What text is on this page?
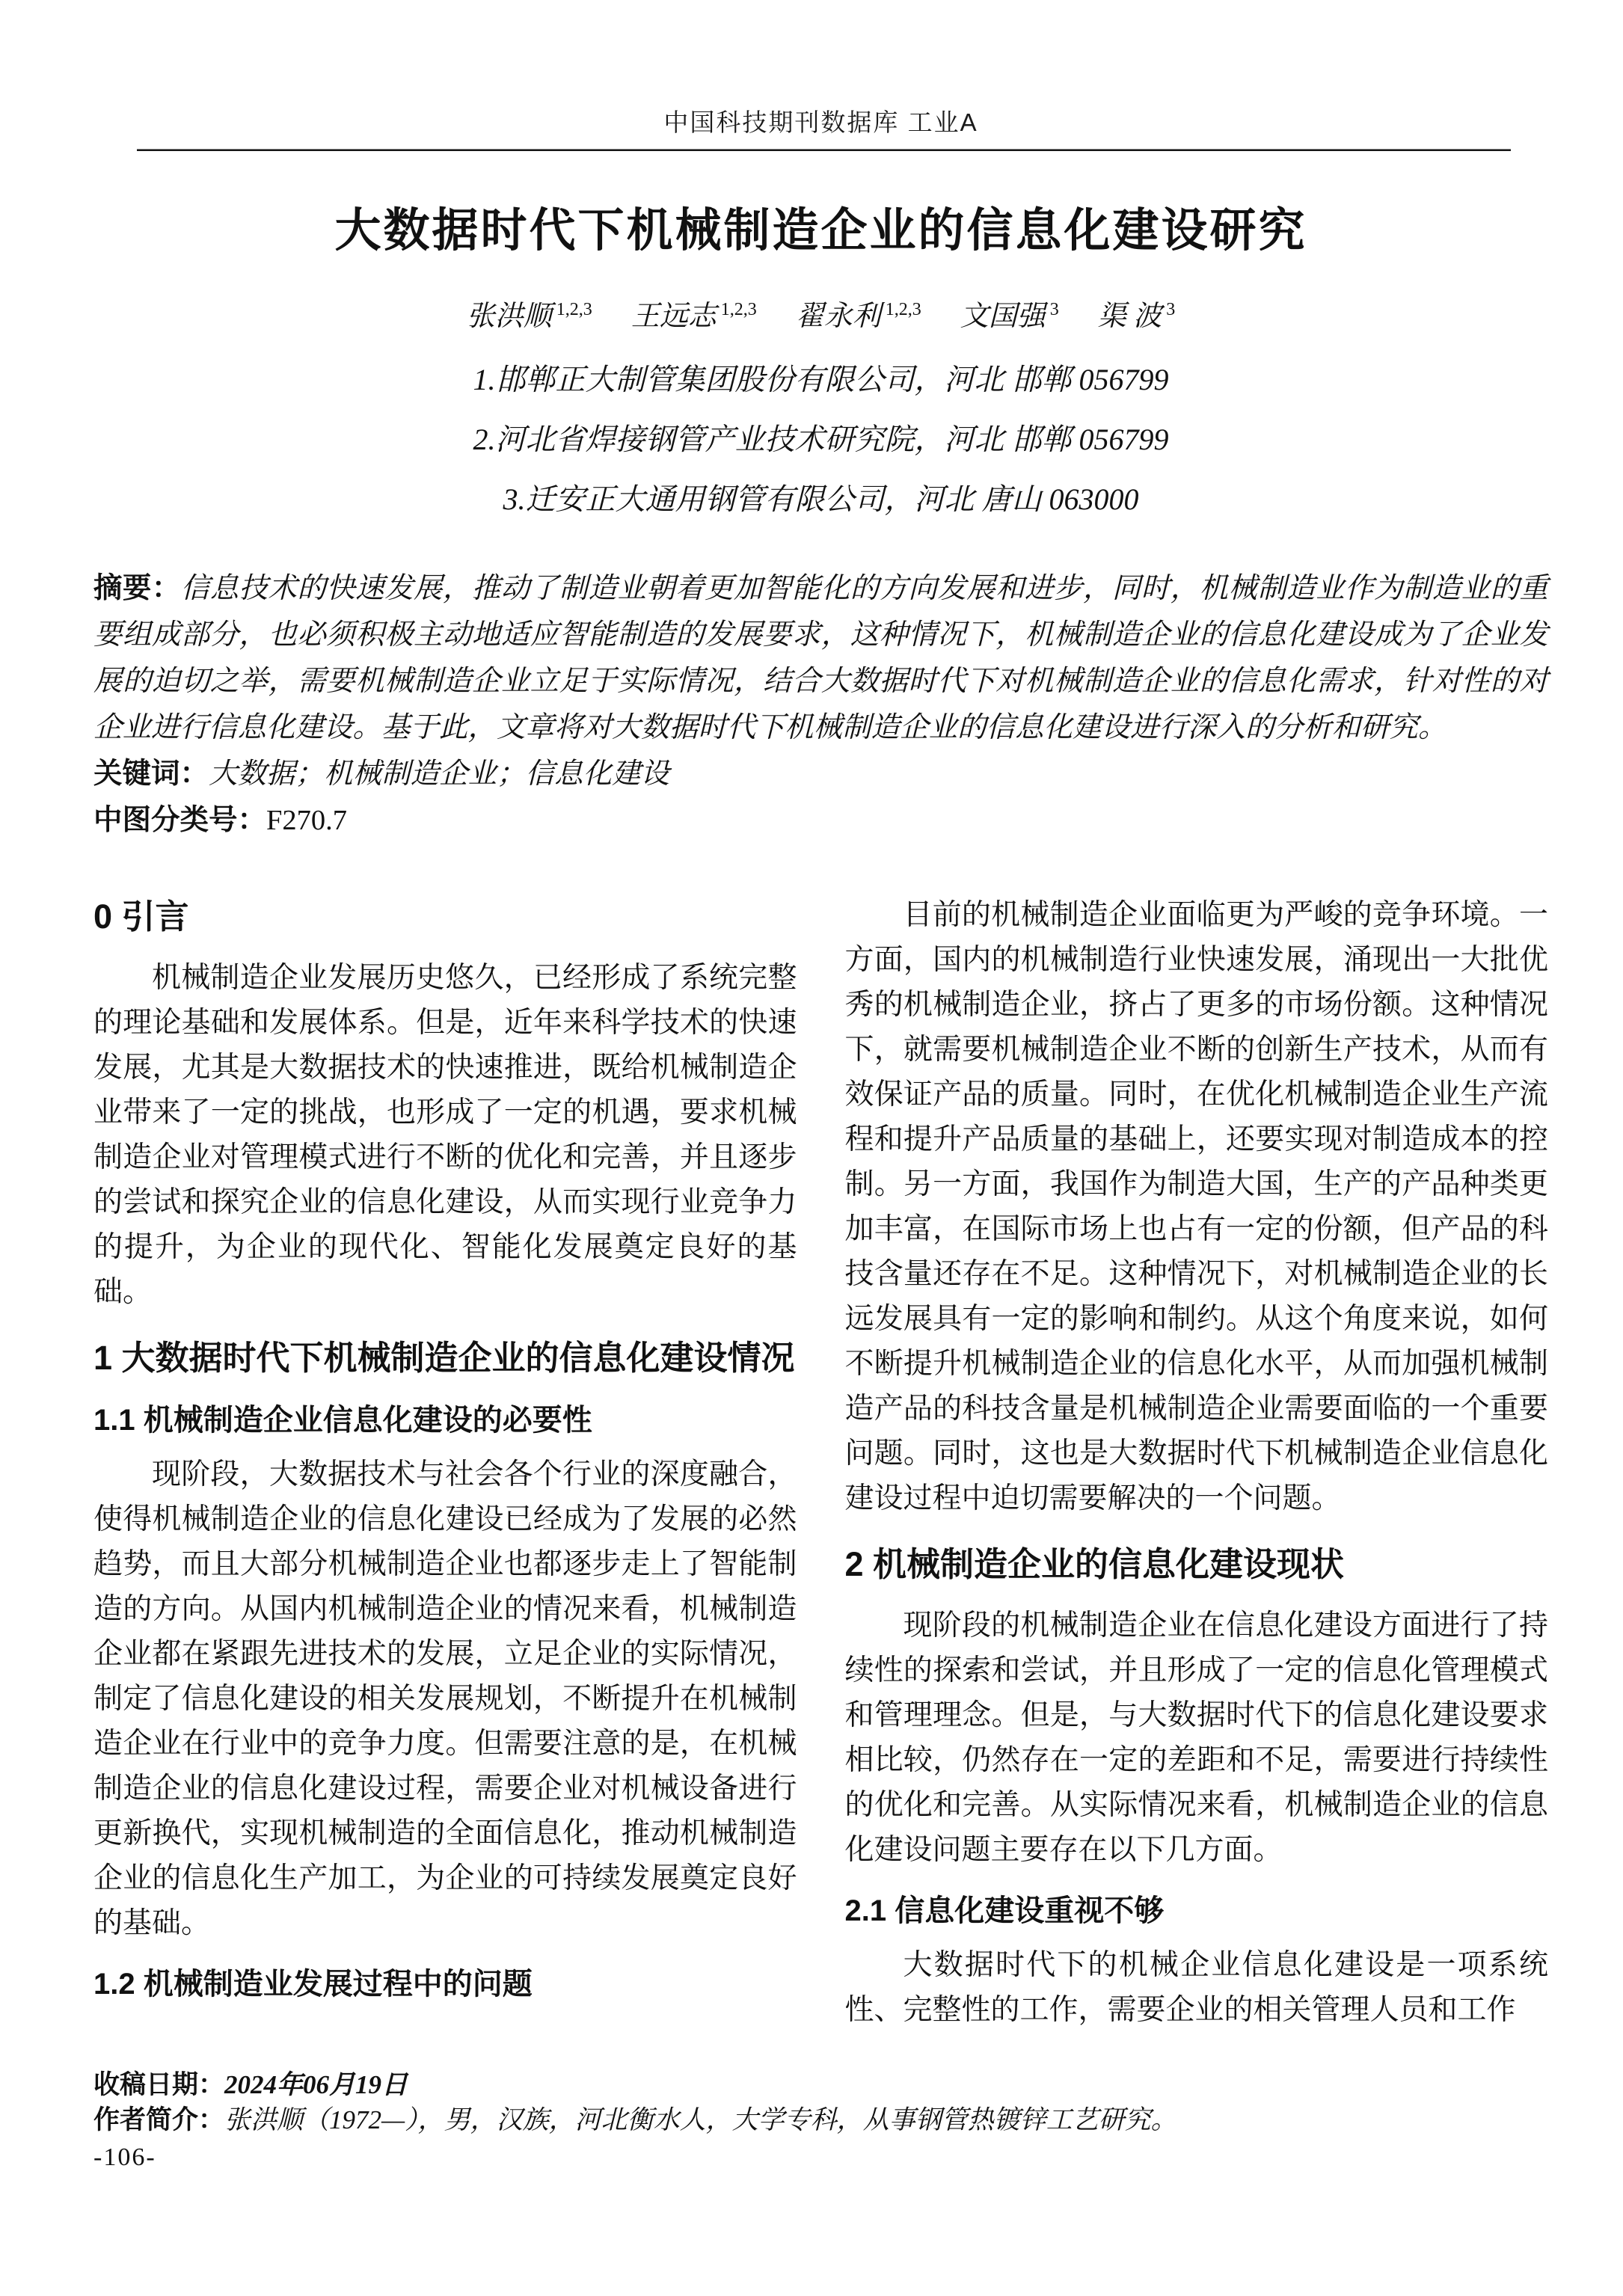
中国科技期刊数据库 工业A
大数据时代下机械制造企业的信息化建设研究
张洪顺 $^{1,2,3}$ 王远志 $^{1,2,3}$ 翟永利 $^{1,2,3}$ 文国强 $^3$ 渠 波 $^3$
1.邯郸正大制管集团股份有限公司，河北 邯郸 056799
2.河北省焊接钢管产业技术研究院，河北 邯郸 056799
3.迁安正大通用钢管有限公司，河北 唐山 063000

摘要：信息技术的快速发展，推动了制造业朝着更加智能化的方向发展和进步，同时，机械制造业作为制造业的重要组成部分，也必须积极主动地适应智能制造的发展要求，这种情况下，机械制造企业的信息化建设成为了企业发展的迫切之举，需要机械制造企业立足于实际情况，结合大数据时代下对机械制造企业的信息化需求，针对性的对企业进行信息化建设。基于此，文章将对大数据时代下机械制造企业的信息化建设进行深入的分析和研究。

关键词：大数据；机械制造企业；信息化建设

中图分类号：F270.7

0 引言
机械制造企业发展历史悠久，已经形成了系统完整的理论基础和发展体系。但是，近年来科学技术的快速发展，尤其是大数据技术的快速推进，既给机械制造企业带来了一定的挑战，也形成了一定的机遇，要求机械制造企业对管理模式进行不断的优化和完善，并且逐步的尝试和探究企业的信息化建设，从而实现行业竞争力的提升，为企业的现代化、智能化发展奠定良好的基础。
1 大数据时代下机械制造企业的信息化建设情况
1.1 机械制造企业信息化建设的必要性
现阶段，大数据技术与社会各个行业的深度融合，使得机械制造企业的信息化建设已经成为了发展的必然趋势，而且大部分机械制造企业也都逐步走上了智能制造的方向。从国内机械制造企业的情况来看，机械制造企业都在紧跟先进技术的发展，立足企业的实际情况，制定了信息化建设的相关发展规划，不断提升在机械制造企业在行业中的竞争力度。但需要注意的是，在机械制造企业的信息化建设过程，需要企业对机械设备进行更新换代，实现机械制造的全面信息化，推动机械制造企业的信息化生产加工，为企业的可持续发展奠定良好的基础。
1.2 机械制造业发展过程中的问题
目前的机械制造企业面临更为严峻的竞争环境。一方面，国内的机械制造行业快速发展，涌现出一大批优秀的机械制造企业，挤占了更多的市场份额。这种情况下，就需要机械制造企业不断的创新生产技术，从而有效保证产品的质量。同时，在优化机械制造企业生产流程和提升产品质量的基础上，还要实现对制造成本的控制。另一方面，我国作为制造大国，生产的产品种类更加丰富，在国际市场上也占有一定的份额，但产品的科技含量还存在不足。这种情况下，对机械制造企业的长远发展具有一定的影响和制约。从这个角度来说，如何不断提升机械制造企业的信息化水平，从而加强机械制造产品的科技含量是机械制造企业需要面临的一个重要问题。同时，这也是大数据时代下机械制造企业信息化建设过程中迫切需要解决的一个问题。
2 机械制造企业的信息化建设现状
现阶段的机械制造企业在信息化建设方面进行了持续性的探索和尝试，并且形成了一定的信息化管理模式和管理理念。但是，与大数据时代下的信息化建设要求相比较，仍然存在一定的差距和不足，需要进行持续性的优化和完善。从实际情况来看，机械制造企业的信息化建设问题主要存在以下几方面。
2.1 信息化建设重视不够
大数据时代下的机械企业信息化建设是一项系统性、完整性的工作，需要企业的相关管理人员和工作
收稿日期：2024年06月19日
作者简介：张洪顺（1972—），男，汉族，河北衡水人，大学专科，从事钢管热镀锌工艺研究。
-106-
